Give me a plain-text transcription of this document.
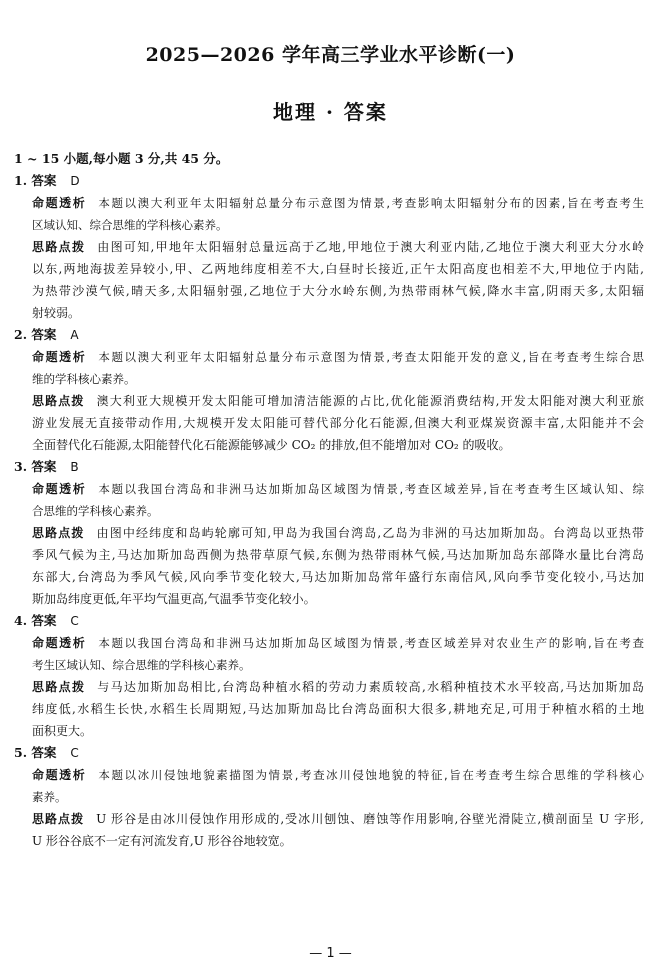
2025—2026 学年高三学业水平诊断(一)
地理 · 答案
1 ~ 15 小题,每小题 3 分,共 45 分。
1. 答案 D
命题透析 本题以澳大利亚年太阳辐射总量分布示意图为情景,考查影响太阳辐射分布的因素,旨在考查考生
区域认知、综合思维的学科核心素养。
思路点拨 由图可知,甲地年太阳辐射总量远高于乙地,甲地位于澳大利亚内陆,乙地位于澳大利亚大分水岭
以东,两地海拔差异较小,甲、乙两地纬度相差不大,白昼时长接近,正午太阳高度也相差不大,甲地位于内陆,
为热带沙漠气候,晴天多,太阳辐射强,乙地位于大分水岭东侧,为热带雨林气候,降水丰富,阴雨天多,太阳辐
射较弱。
2. 答案 A
命题透析 本题以澳大利亚年太阳辐射总量分布示意图为情景,考查太阳能开发的意义,旨在考查考生综合思
维的学科核心素养。
思路点拨 澳大利亚大规模开发太阳能可增加清洁能源的占比,优化能源消费结构,开发太阳能对澳大利亚旅
游业发展无直接带动作用,大规模开发太阳能可替代部分化石能源,但澳大利亚煤炭资源丰富,太阳能并不会
全面替代化石能源,太阳能替代化石能源能够减少 CO₂ 的排放,但不能增加对 CO₂ 的吸收。
3. 答案 B
命题透析 本题以我国台湾岛和非洲马达加斯加岛区域图为情景,考查区域差异,旨在考查考生区域认知、综
合思维的学科核心素养。
思路点拨 由图中经纬度和岛屿轮廓可知,甲岛为我国台湾岛,乙岛为非洲的马达加斯加岛。台湾岛以亚热带
季风气候为主,马达加斯加岛西侧为热带草原气候,东侧为热带雨林气候,马达加斯加岛东部降水量比台湾岛
东部大,台湾岛为季风气候,风向季节变化较大,马达加斯加岛常年盛行东南信风,风向季节变化较小,马达加
斯加岛纬度更低,年平均气温更高,气温季节变化较小。
4. 答案 C
命题透析 本题以我国台湾岛和非洲马达加斯加岛区域图为情景,考查区域差异对农业生产的影响,旨在考查
考生区域认知、综合思维的学科核心素养。
思路点拨 与马达加斯加岛相比,台湾岛种植水稻的劳动力素质较高,水稻种植技术水平较高,马达加斯加岛
纬度低,水稻生长快,水稻生长周期短,马达加斯加岛比台湾岛面积大很多,耕地充足,可用于种植水稻的土地
面积更大。
5. 答案 C
命题透析 本题以冰川侵蚀地貌素描图为情景,考查冰川侵蚀地貌的特征,旨在考查考生综合思维的学科核心
素养。
思路点拨 U 形谷是由冰川侵蚀作用形成的,受冰川刨蚀、磨蚀等作用影响,谷壁光滑陡立,横剖面呈 U 字形,
U 形谷谷底不一定有河流发育,U 形谷谷地较宽。
— 1 —
